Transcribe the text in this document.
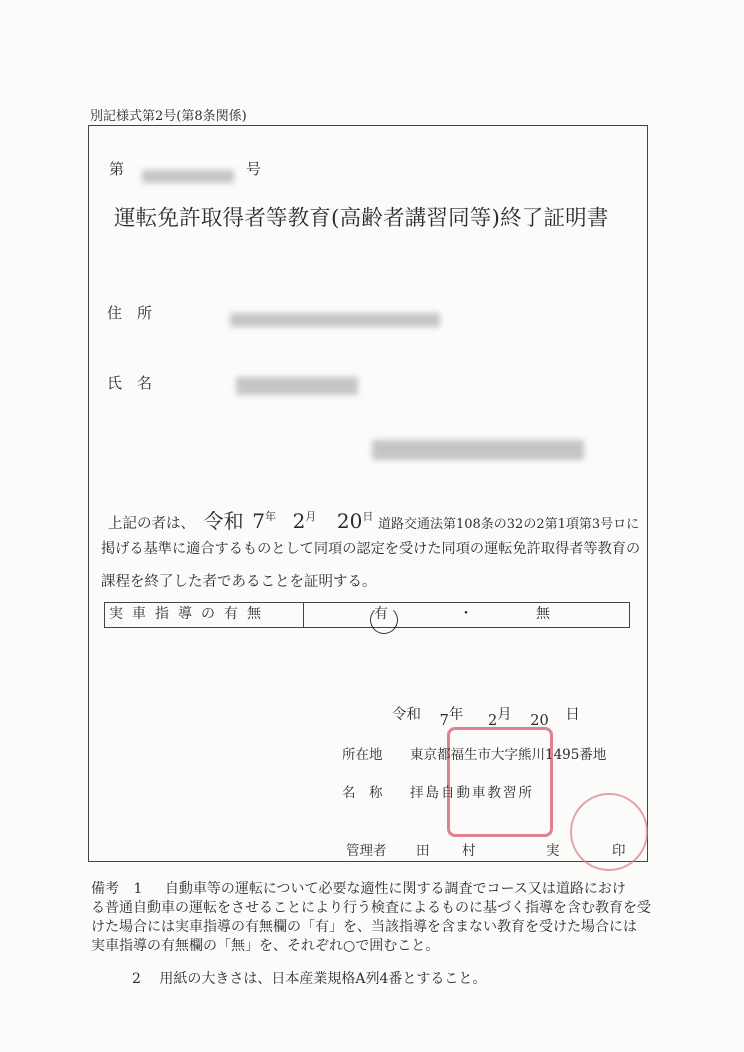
別記様式第2号(第8条関係)
第	号
運転免許取得者等教育(高齢者講習同等)終了証明書
住　所
氏　名
上記の者は、 令和 $7^年$ $2^月$ $20^日$ 道路交通法第108条の32の2第1項第3号ロに
掲げる基準に適合するものとして同項の認定を受けた同項の運転免許取得者等教育の
課程を終了した者であることを証明する。
実車指導の有無	有	・	無
令和 7年 2月 20 日
所在地 東京都福生市大字熊川1495番地
名　称 拝島自動車教習所
管理者 田 村	実	印
備考 1 自動車等の運転について必要な適性に関する調査でコース又は道路におけ
る普通自動車の運転をさせることにより行う検査によるものに基づく指導を含む教育を受
けた場合には実車指導の有無欄の「有」を、当該指導を含まない教育を受けた場合には
実車指導の有無欄の「無」を、それぞれ○で囲むこと。
2 用紙の大きさは、日本産業規格A列4番とすること。
